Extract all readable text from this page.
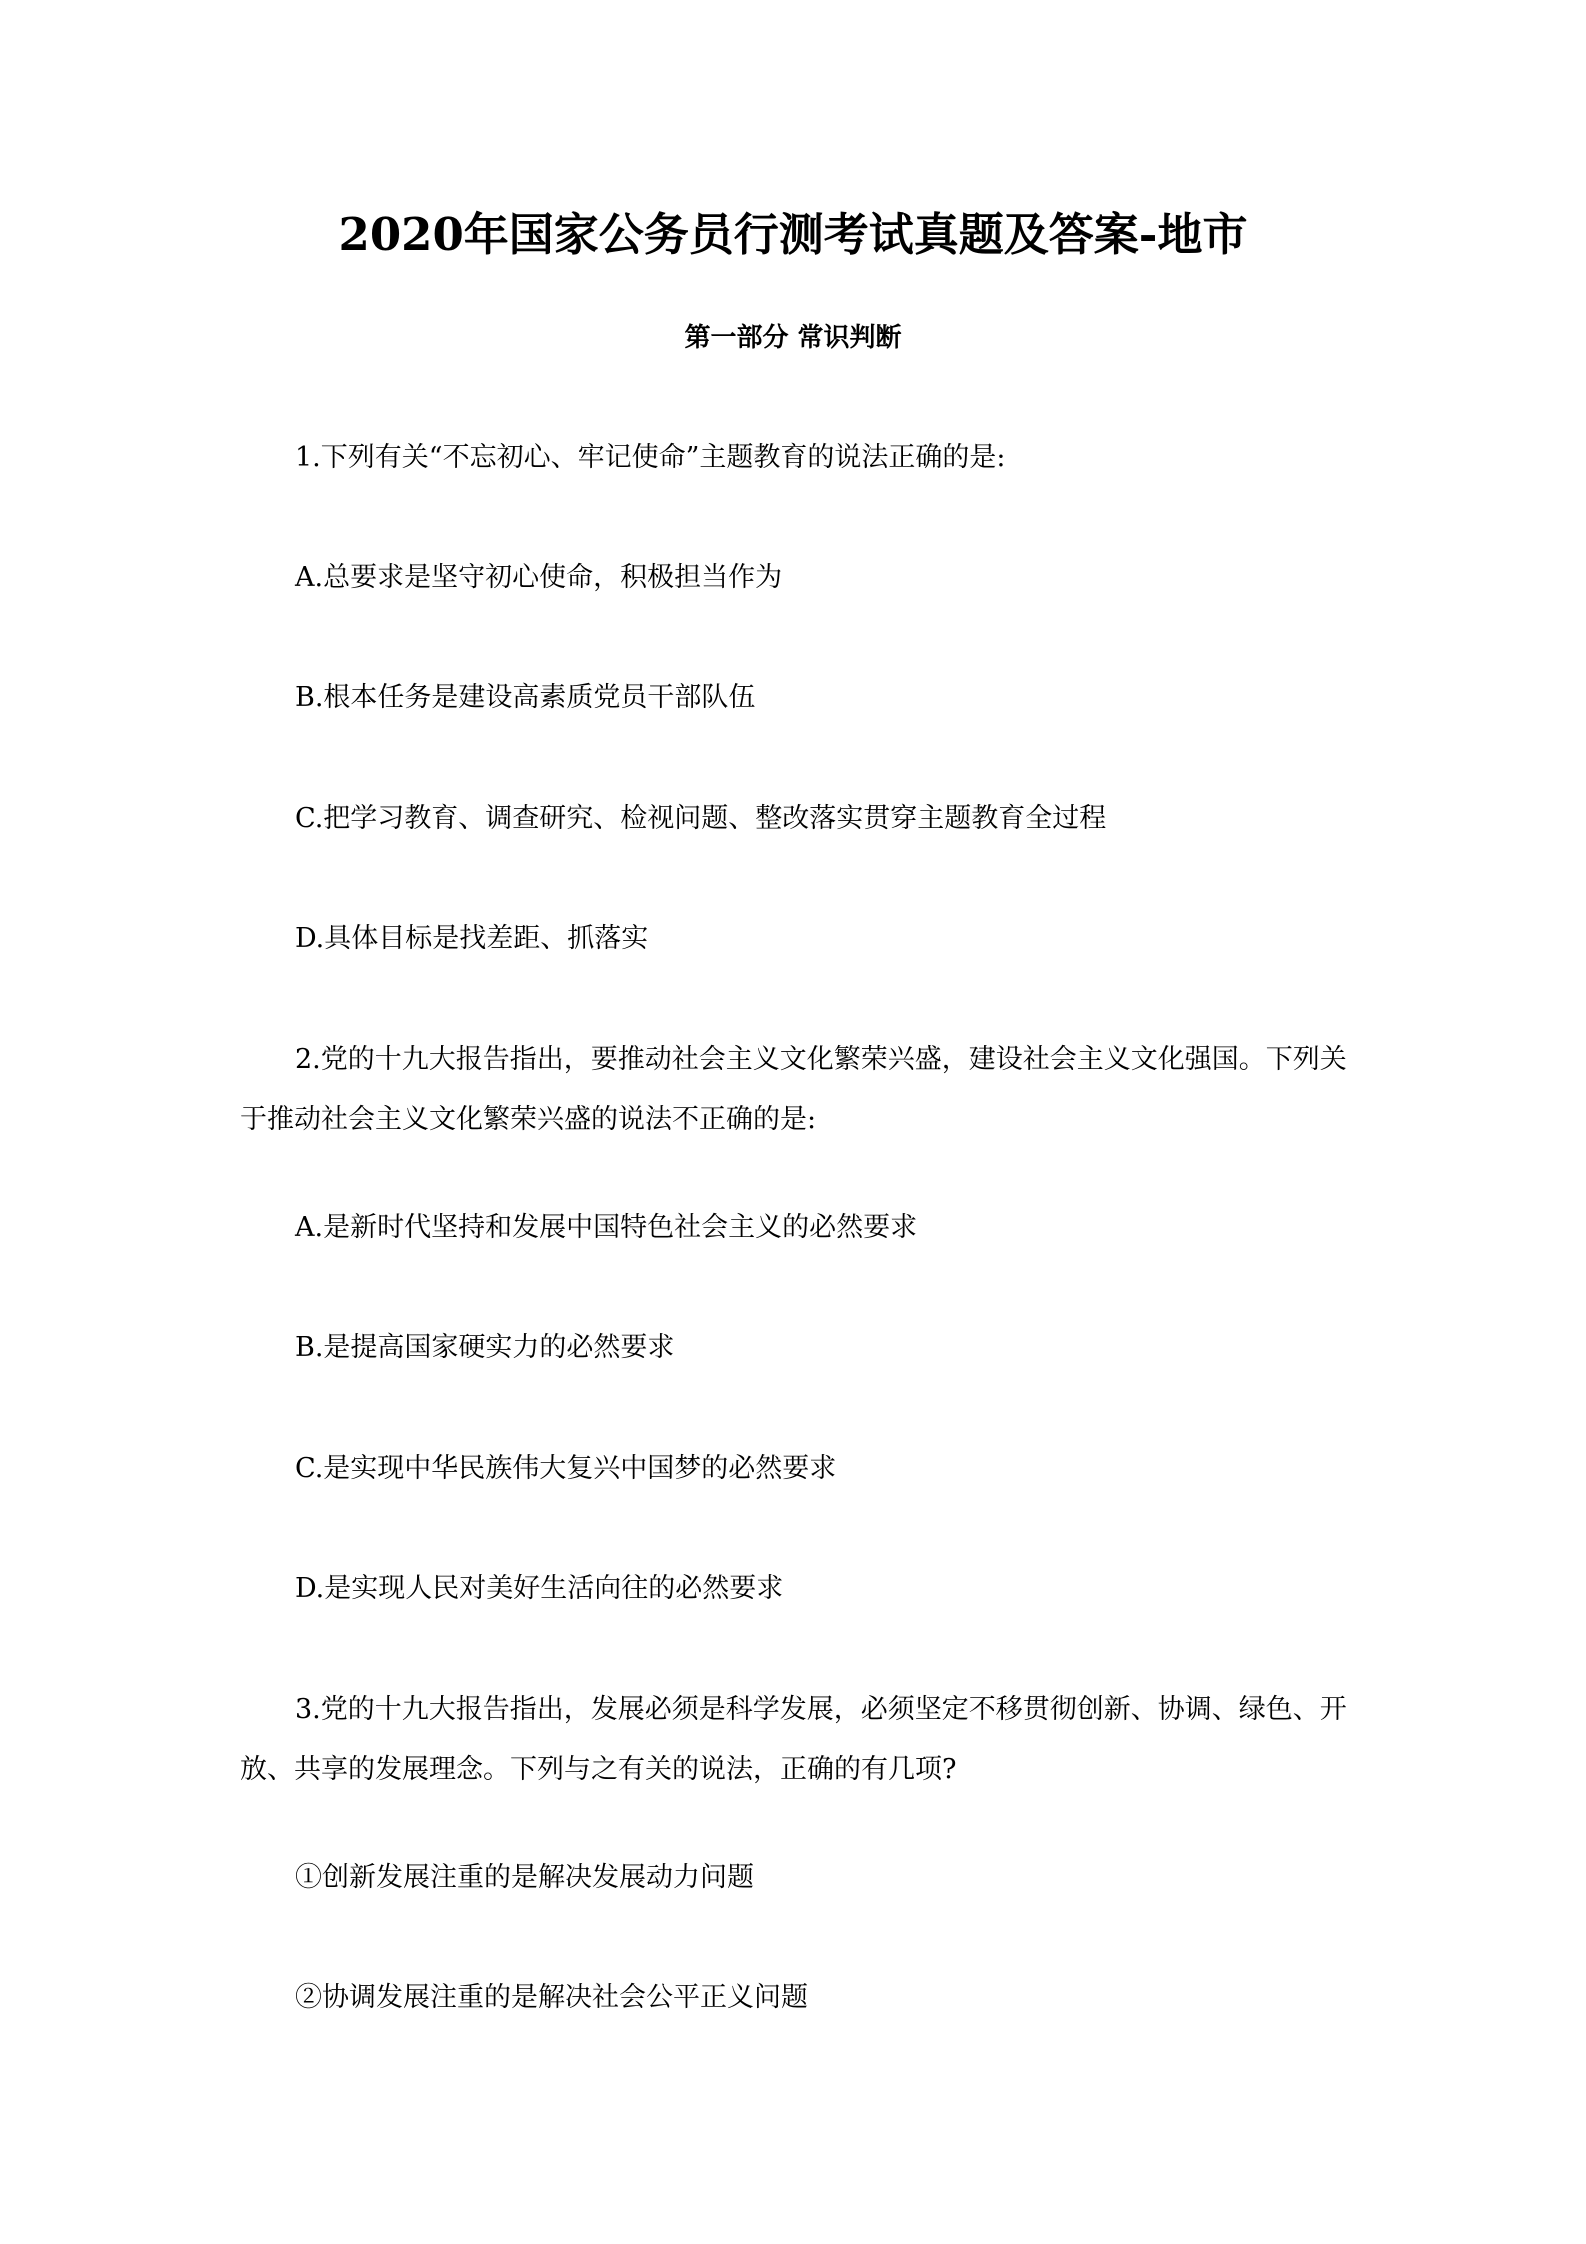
2020年国家公务员行测考试真题及答案-地市
第一部分 常识判断
1.下列有关“不忘初心、牢记使命”主题教育的说法正确的是:
A.总要求是坚守初心使命，积极担当作为
B.根本任务是建设高素质党员干部队伍
C.把学习教育、调查研究、检视问题、整改落实贯穿主题教育全过程
D.具体目标是找差距、抓落实
2.党的十九大报告指出，要推动社会主义文化繁荣兴盛，建设社会主义文化强国。下列关于推动社会主义文化繁荣兴盛的说法不正确的是:
A.是新时代坚持和发展中国特色社会主义的必然要求
B.是提高国家硬实力的必然要求
C.是实现中华民族伟大复兴中国梦的必然要求
D.是实现人民对美好生活向往的必然要求
3.党的十九大报告指出，发展必须是科学发展，必须坚定不移贯彻创新、协调、绿色、开放、共享的发展理念。下列与之有关的说法，正确的有几项?
①创新发展注重的是解决发展动力问题
②协调发展注重的是解决社会公平正义问题
